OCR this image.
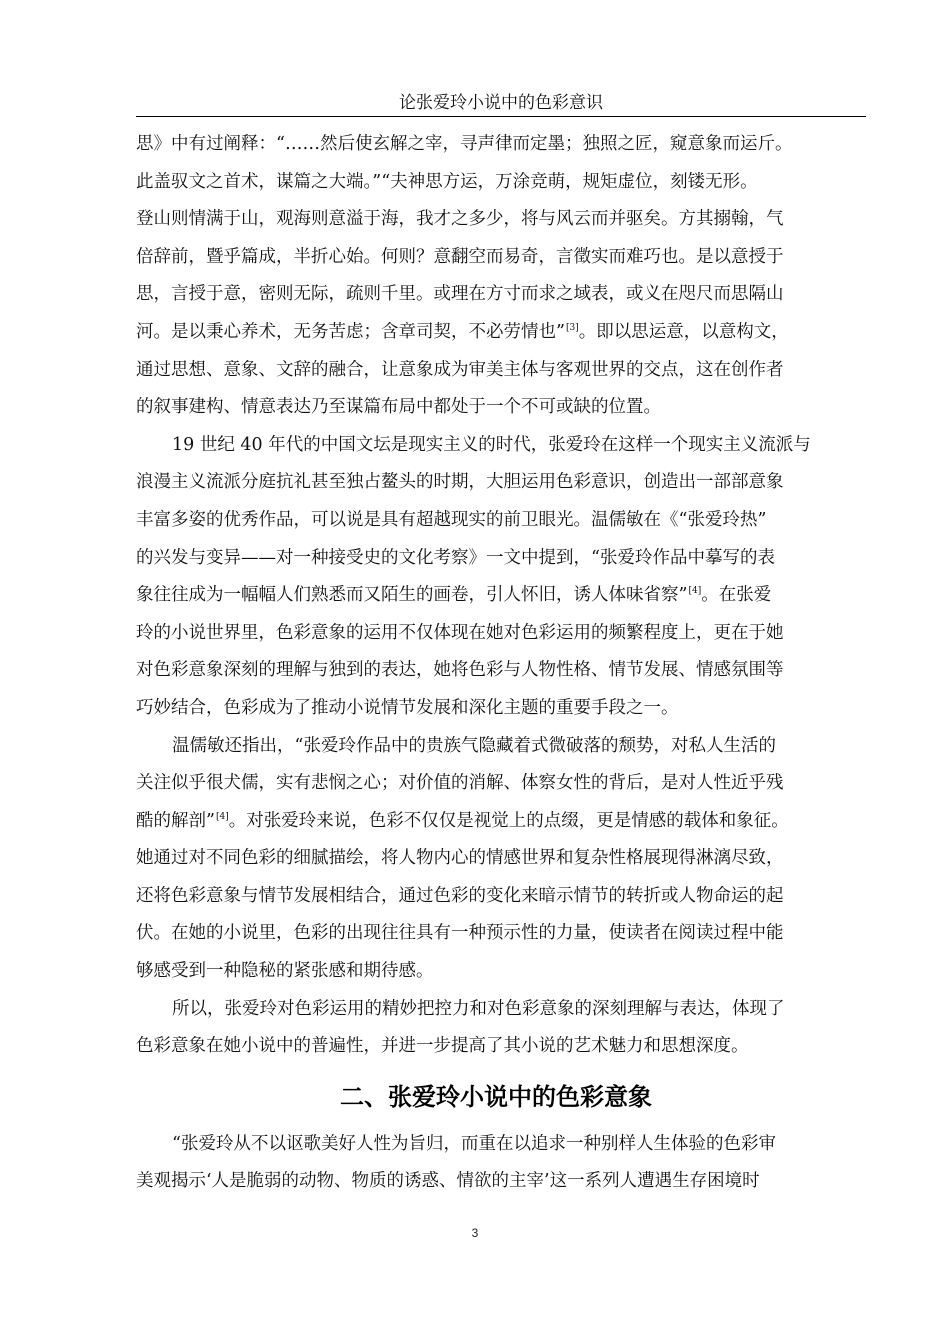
论张爱玲小说中的色彩意识
思》中有过阐释：“……然后使玄解之宰，寻声律而定墨；独照之匠，窥意象而运斤。
此盖驭文之首术，谋篇之大端。”“夫神思方运，万涂竞萌，规矩虚位，刻镂无形。
登山则情满于山，观海则意溢于海，我才之多少，将与风云而并驱矣。方其搦翰，气
倍辞前，暨乎篇成，半折心始。何则？意翻空而易奇，言徵实而难巧也。是以意授于
思，言授于意，密则无际，疏则千里。或理在方寸而求之域表，或义在咫尺而思隔山
河。是以秉心养术，无务苦虑；含章司契，不必劳情也”[3]。即以思运意，以意构文，
通过思想、意象、文辞的融合，让意象成为审美主体与客观世界的交点，这在创作者
的叙事建构、情意表达乃至谋篇布局中都处于一个不可或缺的位置。
19 世纪 40 年代的中国文坛是现实主义的时代，张爱玲在这样一个现实主义流派与
浪漫主义流派分庭抗礼甚至独占鳌头的时期，大胆运用色彩意识，创造出一部部意象
丰富多姿的优秀作品，可以说是具有超越现实的前卫眼光。温儒敏在《“张爱玲热”
的兴发与变异——对一种接受史的文化考察》一文中提到，“张爱玲作品中摹写的表
象往往成为一幅幅人们熟悉而又陌生的画卷，引人怀旧，诱人体味省察”[4]。在张爱
玲的小说世界里，色彩意象的运用不仅体现在她对色彩运用的频繁程度上，更在于她
对色彩意象深刻的理解与独到的表达，她将色彩与人物性格、情节发展、情感氛围等
巧妙结合，色彩成为了推动小说情节发展和深化主题的重要手段之一。
温儒敏还指出，“张爱玲作品中的贵族气隐藏着式微破落的颓势，对私人生活的
关注似乎很犬儒，实有悲悯之心；对价值的消解、体察女性的背后，是对人性近乎残
酷的解剖”[4]。对张爱玲来说，色彩不仅仅是视觉上的点缀，更是情感的载体和象征。
她通过对不同色彩的细腻描绘，将人物内心的情感世界和复杂性格展现得淋漓尽致，
还将色彩意象与情节发展相结合，通过色彩的变化来暗示情节的转折或人物命运的起
伏。在她的小说里，色彩的出现往往具有一种预示性的力量，使读者在阅读过程中能
够感受到一种隐秘的紧张感和期待感。
所以，张爱玲对色彩运用的精妙把控力和对色彩意象的深刻理解与表达，体现了
色彩意象在她小说中的普遍性，并进一步提高了其小说的艺术魅力和思想深度。
二、张爱玲小说中的色彩意象
“张爱玲从不以讴歌美好人性为旨归，而重在以追求一种别样人生体验的色彩审
美观揭示‘人是脆弱的动物、物质的诱惑、情欲的主宰’这一系列人遭遇生存困境时
3
